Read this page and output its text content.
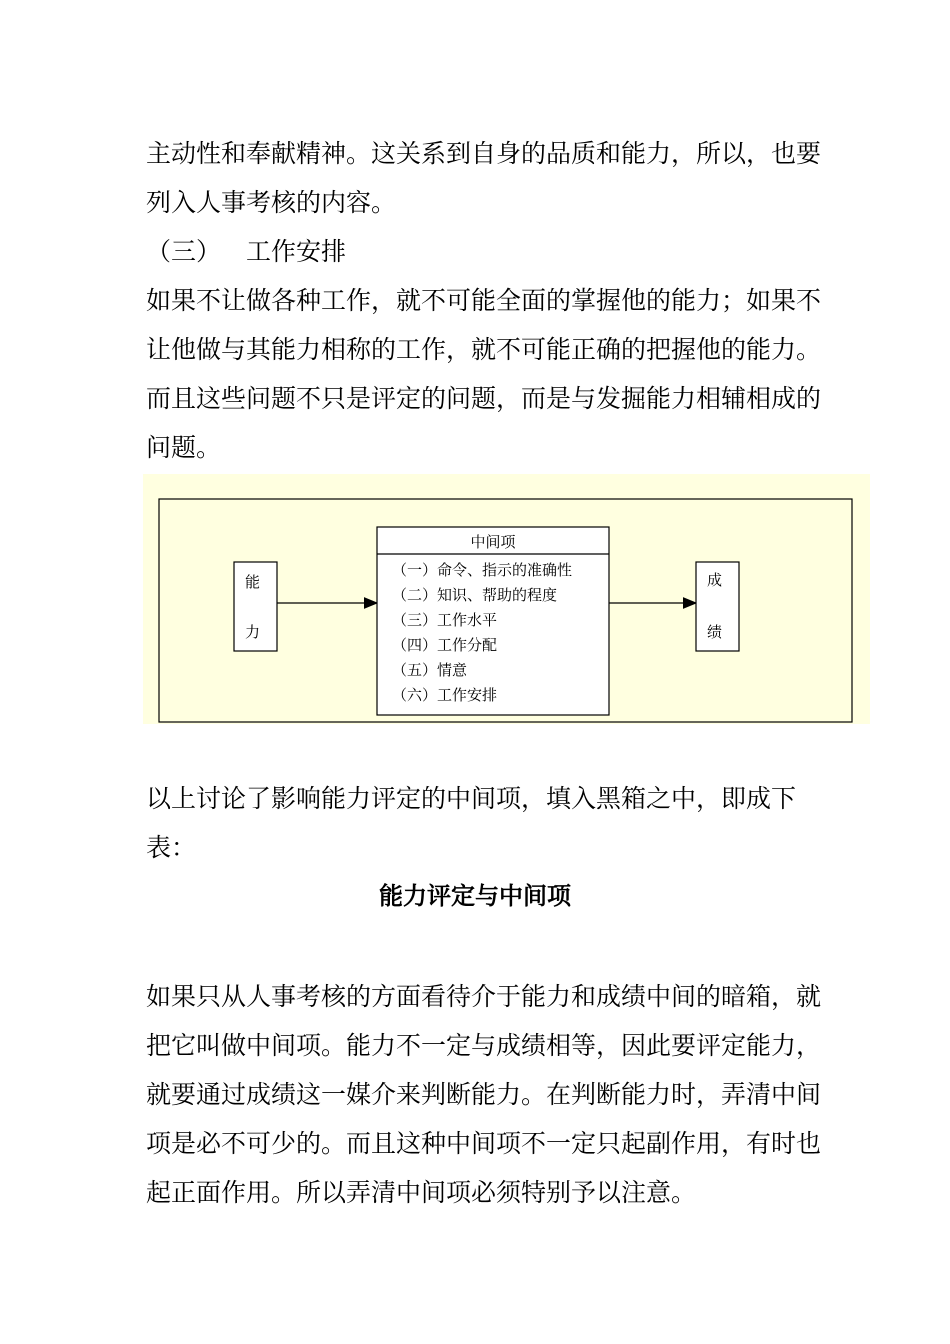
主动性和奉献精神。这关系到自身的品质和能力，所以，也要

列入人事考核的内容。

（三） 工作安排

如果不让做各种工作，就不可能全面的掌握他的能力；如果不

让他做与其能力相称的工作，就不可能正确的把握他的能力。

而且这些问题不只是评定的问题，而是与发掘能力相辅相成的

问题。

能
力
中间项
（一）命令、指示的准确性
（二）知识、帮助的程度
（三）工作水平
（四）工作分配
（五）情意
（六）工作安排
成
绩

以上讨论了影响能力评定的中间项，填入黑箱之中，即成下

表：

能力评定与中间项

如果只从人事考核的方面看待介于能力和成绩中间的暗箱，就

把它叫做中间项。能力不一定与成绩相等，因此要评定能力，

就要通过成绩这一媒介来判断能力。在判断能力时，弄清中间

项是必不可少的。而且这种中间项不一定只起副作用，有时也

起正面作用。所以弄清中间项必须特别予以注意。
